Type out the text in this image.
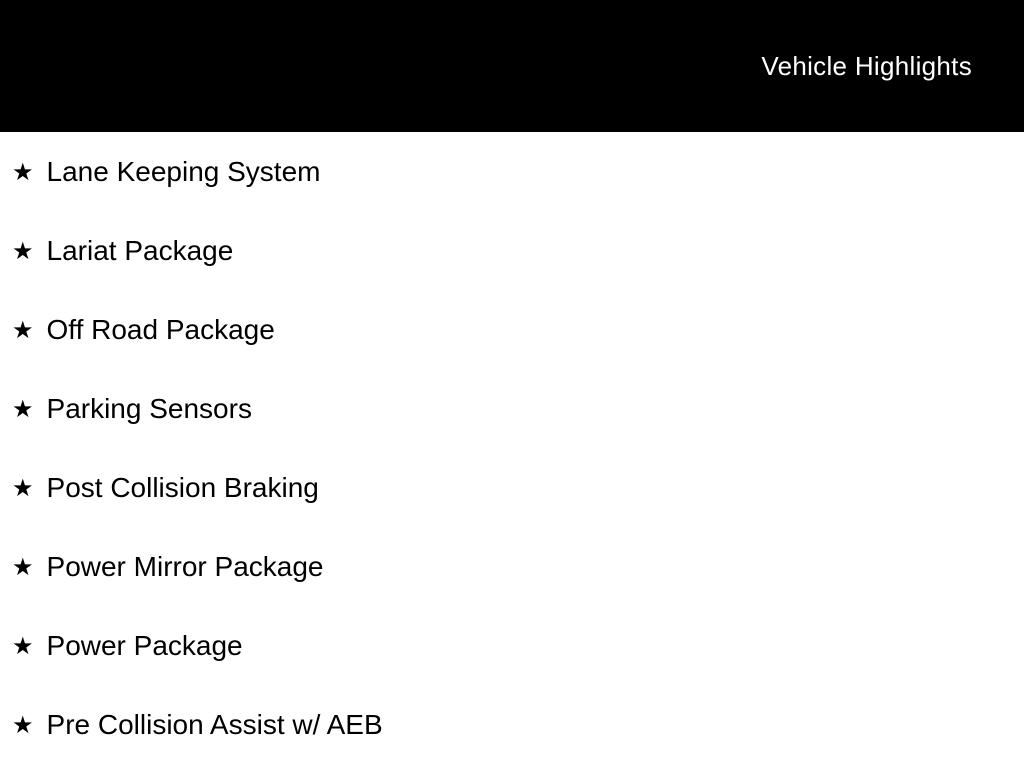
Vehicle Highlights
★ Lane Keeping System
★ Lariat Package
★ Off Road Package
★ Parking Sensors
★ Post Collision Braking
★ Power Mirror Package
★ Power Package
★ Pre Collision Assist w/ AEB
